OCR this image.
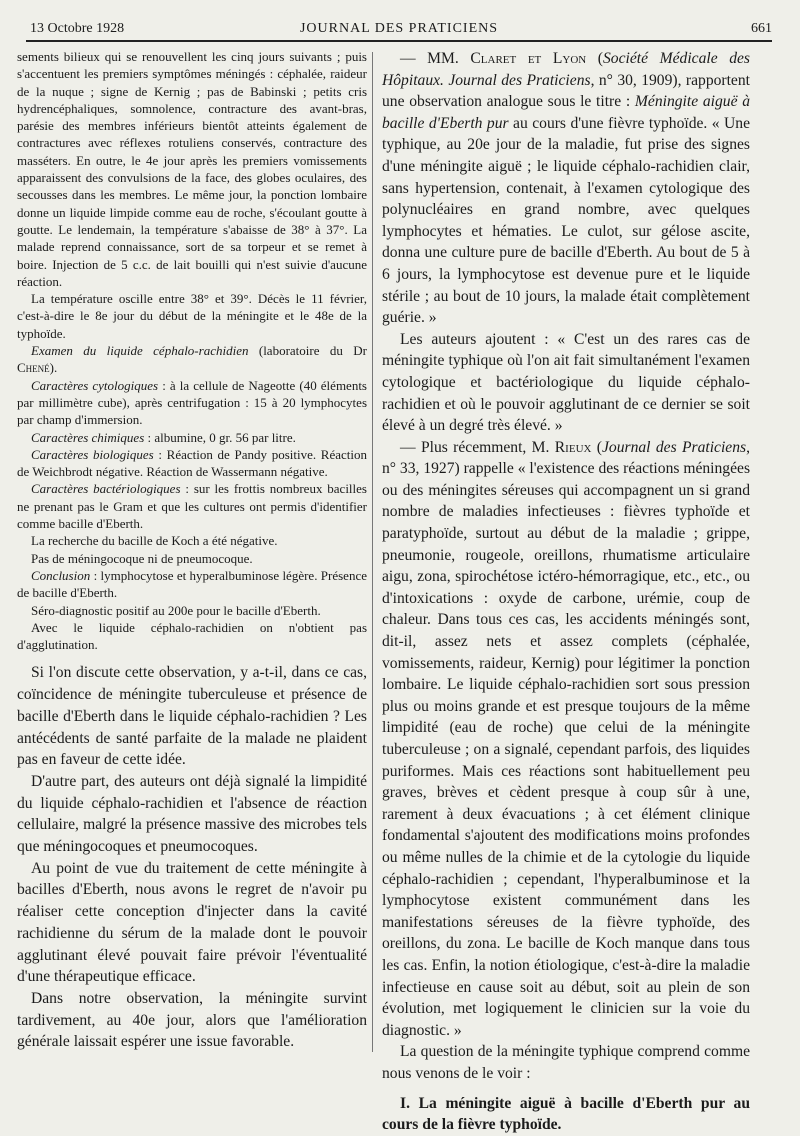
13 Octobre 1928	JOURNAL DES PRATICIENS	661

sements bilieux qui se renouvellent les cinq jours suivants ; puis s'accentuent les premiers symptômes méningés : céphalée, raideur de la nuque ; signe de Kernig ; pas de Babinski ; petits cris hydrencéphaliques, somnolence, contracture des avant-bras, parésie des membres inférieurs bientôt atteints également de contractures avec réflexes rotuliens conservés, contracture des masséters. En outre, le 4e jour après les premiers vomissements apparaissent des convulsions de la face, des globes oculaires, des secousses dans les membres. Le même jour, la ponction lombaire donne un liquide limpide comme eau de roche, s'écoulant goutte à goutte. Le lendemain, la température s'abaisse de 38° à 37°. La malade reprend connaissance, sort de sa torpeur et se remet à boire. Injection de 5 c.c. de lait bouilli qui n'est suivie d'aucune réaction.

La température oscille entre 38° et 39°. Décès le 11 février, c'est-à-dire le 8e jour du début de la méningite et le 48e de la typhoïde.

Examen du liquide céphalo-rachidien (laboratoire du Dr Chené).

Caractères cytologiques : à la cellule de Nageotte (40 éléments par millimètre cube), après centrifugation : 15 à 20 lymphocytes par champ d'immersion.

Caractères chimiques : albumine, 0 gr. 56 par litre.

Caractères biologiques : Réaction de Pandy positive. Réaction de Weichbrodt négative. Réaction de Wassermann négative.

Caractères bactériologiques : sur les frottis nombreux bacilles ne prenant pas le Gram et que les cultures ont permis d'identifier comme bacille d'Eberth.

La recherche du bacille de Koch a été négative.

Pas de méningocoque ni de pneumocoque.

Conclusion : lymphocytose et hyperalbuminose légère. Présence de bacille d'Eberth.

Séro-diagnostic positif au 200e pour le bacille d'Eberth.

Avec le liquide céphalo-rachidien on n'obtient pas d'agglutination.

Si l'on discute cette observation, y a-t-il, dans ce cas, coïncidence de méningite tuberculeuse et présence de bacille d'Eberth dans le liquide céphalo-rachidien ? Les antécédents de santé parfaite de la malade ne plaident pas en faveur de cette idée.

D'autre part, des auteurs ont déjà signalé la limpidité du liquide céphalo-rachidien et l'absence de réaction cellulaire, malgré la présence massive des microbes tels que méningocoques et pneumocoques.

Au point de vue du traitement de cette méningite à bacilles d'Eberth, nous avons le regret de n'avoir pu réaliser cette conception d'injecter dans la cavité rachidienne du sérum de la malade dont le pouvoir agglutinant élevé pouvait faire prévoir l'éventualité d'une thérapeutique efficace.

Dans notre observation, la méningite survint tardivement, au 40e jour, alors que l'amélioration générale laissait espérer une issue favorable.

— MM. Claret et Lyon (Société Médicale des Hôpitaux. Journal des Praticiens, n° 30, 1909), rapportent une observation analogue sous le titre : Méningite aiguë à bacille d'Eberth pur au cours d'une fièvre typhoïde. « Une typhique, au 20e jour de la maladie, fut prise des signes d'une méningite aiguë ; le liquide céphalo-rachidien clair, sans hypertension, contenait, à l'examen cytologique des polynucléaires en grand nombre, avec quelques lymphocytes et hématies. Le culot, sur gélose ascite, donna une culture pure de bacille d'Eberth. Au bout de 5 à 6 jours, la lymphocytose est devenue pure et le liquide stérile ; au bout de 10 jours, la malade était complètement guérie. »

Les auteurs ajoutent : « C'est un des rares cas de méningite typhique où l'on ait fait simultanément l'examen cytologique et bactériologique du liquide céphalo-rachidien et où le pouvoir agglutinant de ce dernier se soit élevé à un degré très élevé. »

— Plus récemment, M. Rieux (Journal des Praticiens, n° 33, 1927) rappelle « l'existence des réactions méningées ou des méningites séreuses qui accompagnent un si grand nombre de maladies infectieuses : fièvres typhoïde et paratyphoïde, surtout au début de la maladie ; grippe, pneumonie, rougeole, oreillons, rhumatisme articulaire aigu, zona, spirochétose ictéro-hémorragique, etc., etc., ou d'intoxications : oxyde de carbone, urémie, coup de chaleur. Dans tous ces cas, les accidents méningés sont, dit-il, assez nets et assez complets (céphalée, vomissements, raideur, Kernig) pour légitimer la ponction lombaire. Le liquide céphalo-rachidien sort sous pression plus ou moins grande et est presque toujours de la même limpidité (eau de roche) que celui de la méningite tuberculeuse ; on a signalé, cependant parfois, des liquides puriformes. Mais ces réactions sont habituellement peu graves, brèves et cèdent presque à coup sûr à une, rarement à deux évacuations ; à cet élément clinique fondamental s'ajoutent des modifications moins profondes ou même nulles de la chimie et de la cytologie du liquide céphalo-rachidien ; cependant, l'hyperalbuminose et la lymphocytose existent communément dans les manifestations séreuses de la fièvre typhoïde, des oreillons, du zona. Le bacille de Koch manque dans tous les cas. Enfin, la notion étiologique, c'est-à-dire la maladie infectieuse en cause soit au début, soit au plein de son évolution, met logiquement le clinicien sur la voie du diagnostic. »

La question de la méningite typhique comprend comme nous venons de le voir :

I. La méningite aiguë à bacille d'Eberth pur au cours de la fièvre typhoïde.
